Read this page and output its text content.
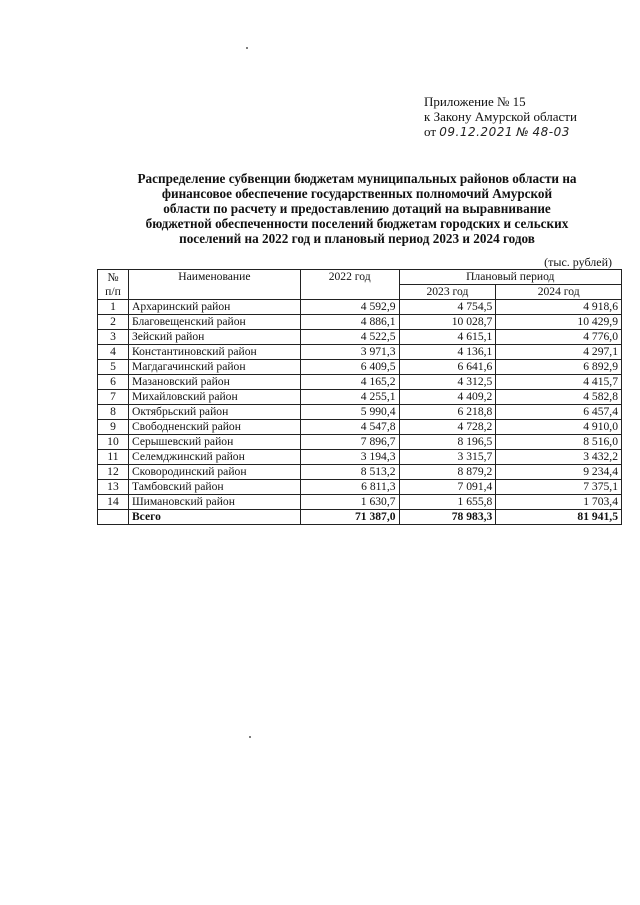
Приложение № 15
к Закону Амурской области
от 09.12.2021 № 48-03
Распределение субвенции бюджетам муниципальных районов области на
финансовое обеспечение государственных полномочий Амурской
области по расчету и предоставлению дотаций на выравнивание
бюджетной обеспеченности поселений бюджетам городских и сельских
поселений на 2022 год и плановый период 2023 и 2024 годов
(тыс. рублей)
№
п/п	Наименование	2022 год	Плановый период	
			2023 год	2024 год
1	Архаринский район	4 592,9	4 754,5	4 918,6
2	Благовещенский район	4 886,1	10 028,7	10 429,9
3	Зейский район	4 522,5	4 615,1	4 776,0
4	Константиновский район	3 971,3	4 136,1	4 297,1
5	Магдагачинский район	6 409,5	6 641,6	6 892,9
6	Мазановский район	4 165,2	4 312,5	4 415,7
7	Михайловский район	4 255,1	4 409,2	4 582,8
8	Октябрьский район	5 990,4	6 218,8	6 457,4
9	Свободненский район	4 547,8	4 728,2	4 910,0
10	Серышевский район	7 896,7	8 196,5	8 516,0
11	Селемджинский район	3 194,3	3 315,7	3 432,2
12	Сковородинский район	8 513,2	8 879,2	9 234,4
13	Тамбовский район	6 811,3	7 091,4	7 375,1
14	Шимановский район	1 630,7	1 655,8	1 703,4
	Всего	71 387,0	78 983,3	81 941,5
